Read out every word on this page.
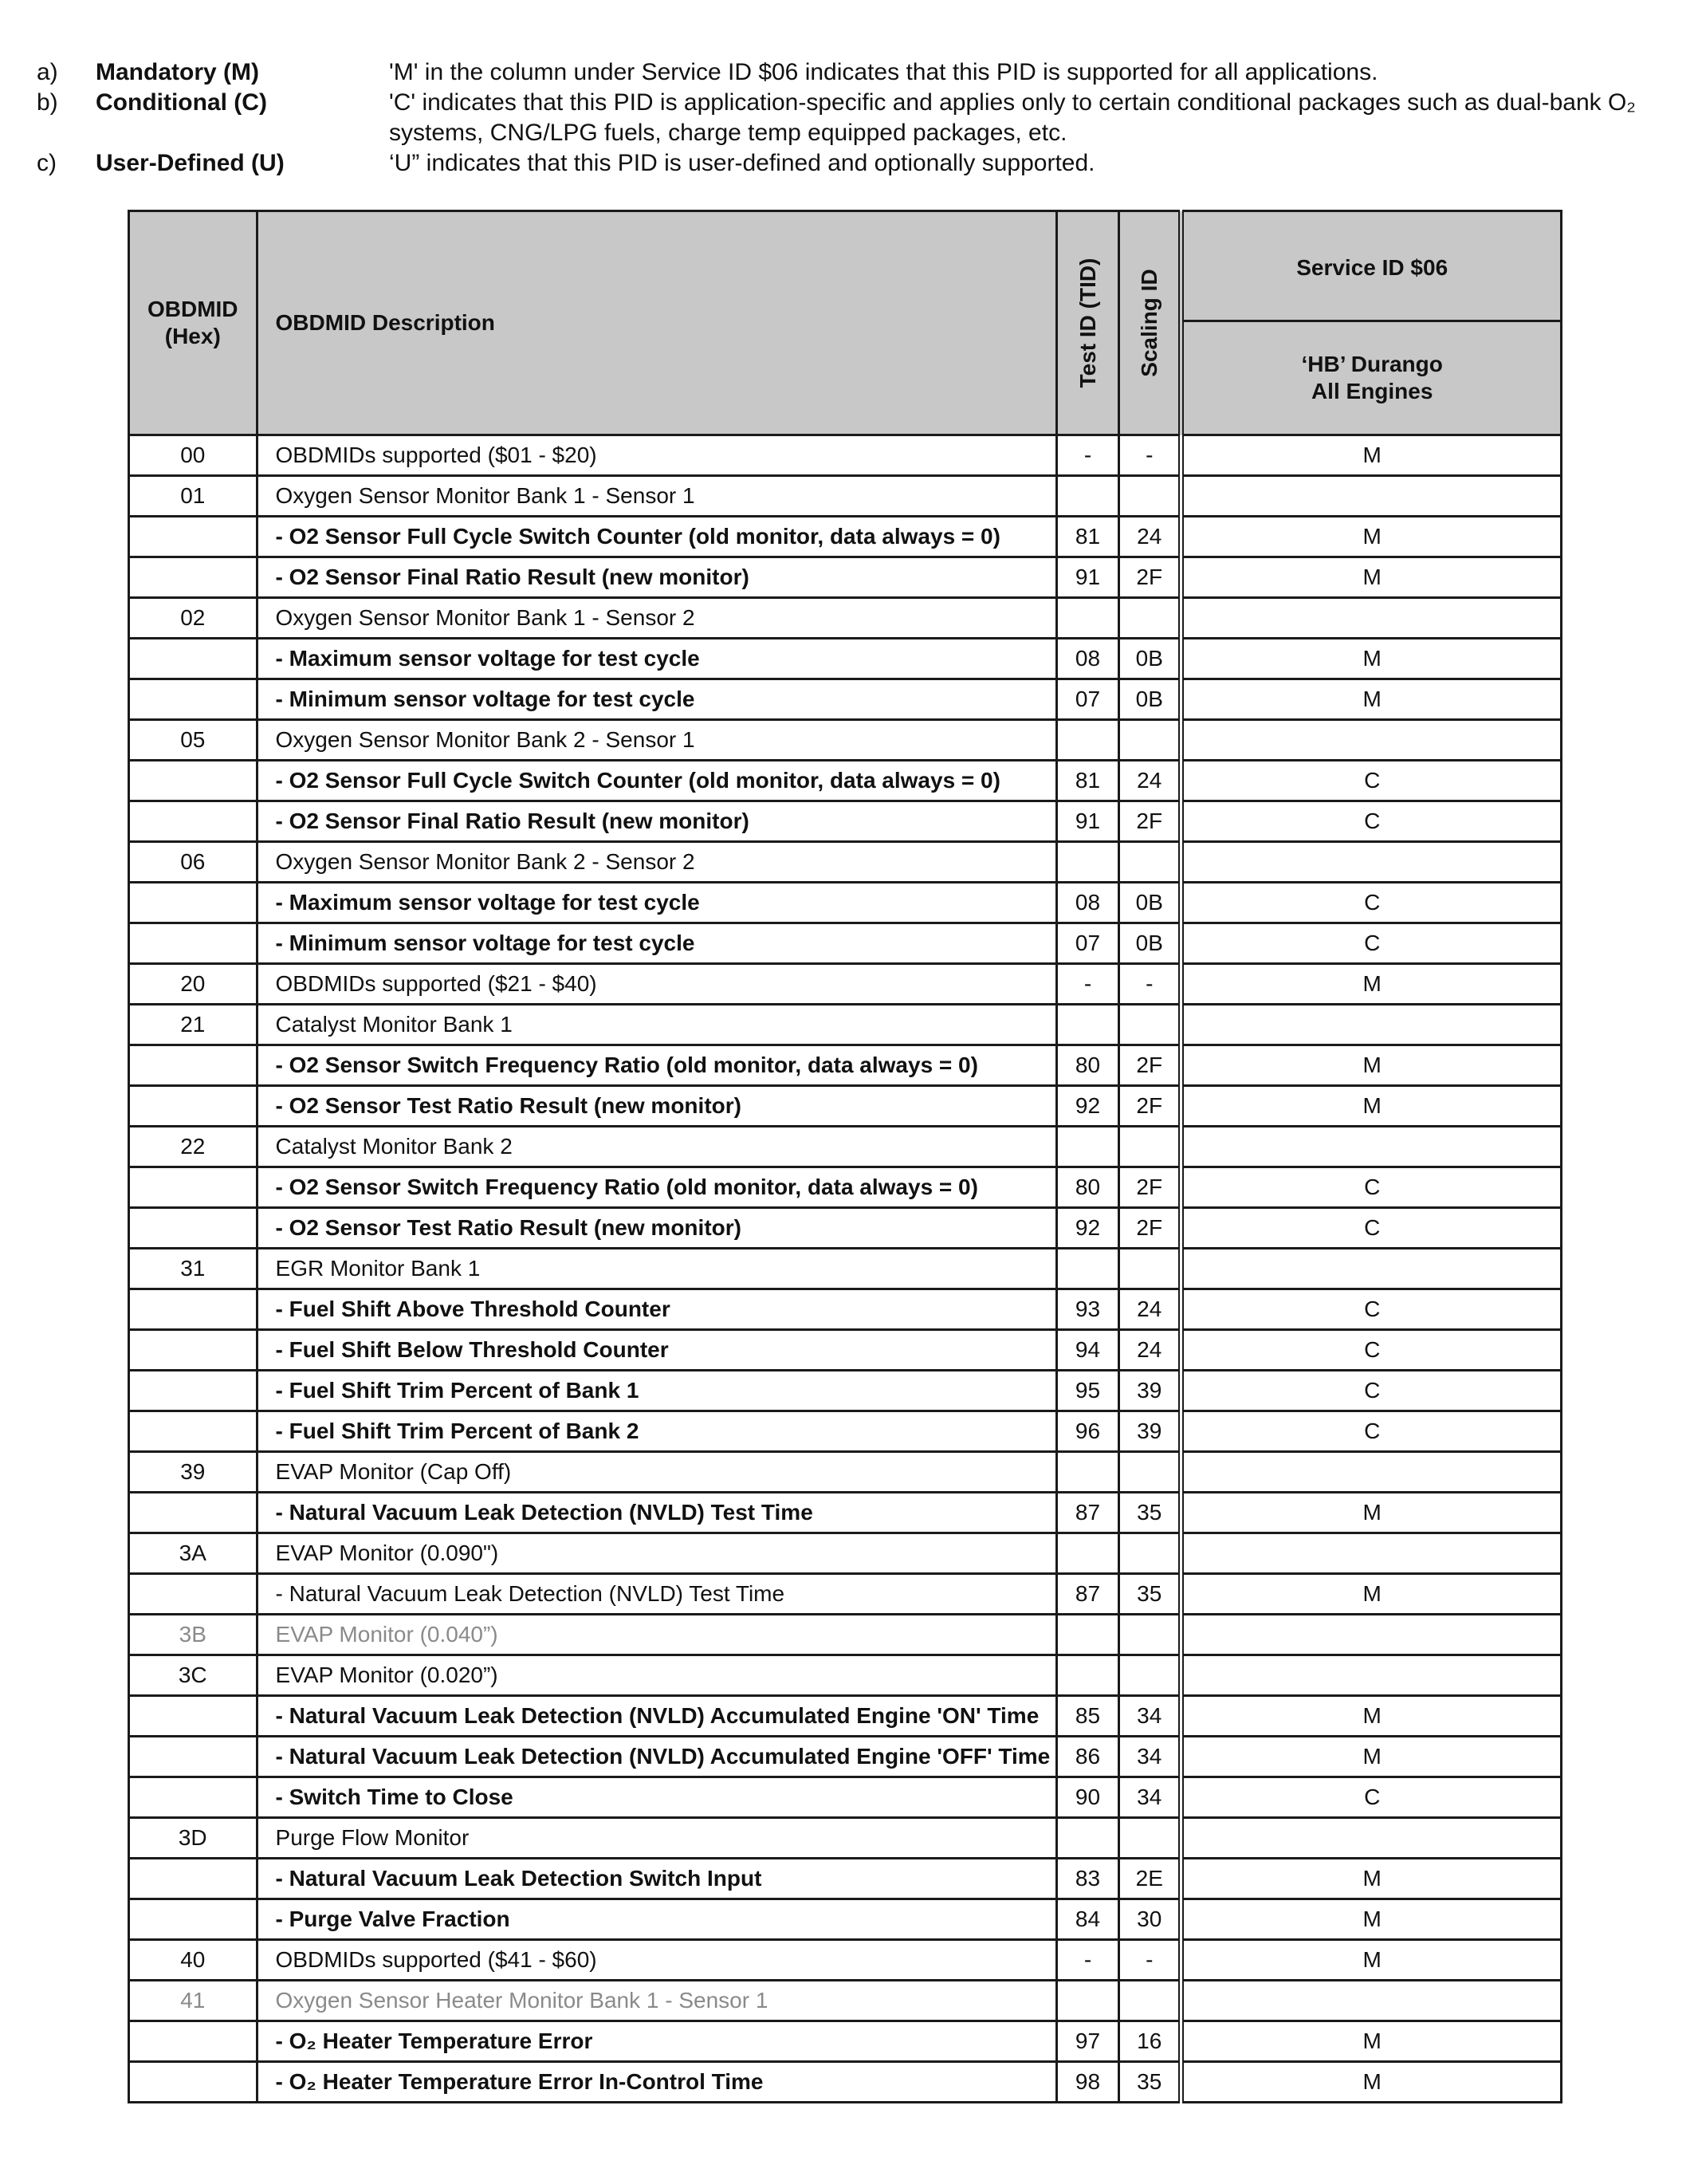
a) Mandatory (M)	'M' in the column under Service ID $06 indicates that this PID is supported for all applications.
b) Conditional (C)	'C' indicates that this PID is application-specific and applies only to certain conditional packages such as dual-bank O₂ systems, CNG/LPG fuels, charge temp equipped packages, etc.
c) User-Defined (U)	‘U” indicates that this PID is user-defined and optionally supported.
OBDMID
(Hex)	OBDMID Description	Test ID (TID)	Scaling ID	Service ID $06
				‘HB’ Durango
All Engines
00	OBDMIDs supported ($01 - $20)	-	-	M
01	Oxygen Sensor Monitor Bank 1 - Sensor 1			
	- O2 Sensor Full Cycle Switch Counter (old monitor, data always = 0)	81	24	M
	- O2 Sensor Final Ratio Result (new monitor)	91	2F	M
02	Oxygen Sensor Monitor Bank 1 - Sensor 2			
	- Maximum sensor voltage for test cycle	08	0B	M
	- Minimum sensor voltage for test cycle	07	0B	M
05	Oxygen Sensor Monitor Bank 2 - Sensor 1			
	- O2 Sensor Full Cycle Switch Counter (old monitor, data always = 0)	81	24	C
	- O2 Sensor Final Ratio Result (new monitor)	91	2F	C
06	Oxygen Sensor Monitor Bank 2 - Sensor 2			
	- Maximum sensor voltage for test cycle	08	0B	C
	- Minimum sensor voltage for test cycle	07	0B	C
20	OBDMIDs supported ($21 - $40)	-	-	M
21	Catalyst Monitor Bank 1			
	- O2 Sensor Switch Frequency Ratio (old monitor, data always = 0)	80	2F	M
	- O2 Sensor Test Ratio Result (new monitor)	92	2F	M
22	Catalyst Monitor Bank 2			
	- O2 Sensor Switch Frequency Ratio (old monitor, data always = 0)	80	2F	C
	- O2 Sensor Test Ratio Result (new monitor)	92	2F	C
31	EGR Monitor Bank 1			
	- Fuel Shift Above Threshold Counter	93	24	C
	- Fuel Shift Below Threshold Counter	94	24	C
	- Fuel Shift Trim Percent of Bank 1	95	39	C
	- Fuel Shift Trim Percent of Bank 2	96	39	C
39	EVAP Monitor (Cap Off)			
	- Natural Vacuum Leak Detection (NVLD) Test Time	87	35	M
3A	EVAP Monitor (0.090")			
	- Natural Vacuum Leak Detection (NVLD) Test Time	87	35	M
3B	EVAP Monitor (0.040”)			
3C	EVAP Monitor (0.020”)			
	- Natural Vacuum Leak Detection (NVLD) Accumulated Engine 'ON' Time	85	34	M
	- Natural Vacuum Leak Detection (NVLD) Accumulated Engine 'OFF' Time	86	34	M
	- Switch Time to Close	90	34	C
3D	Purge Flow Monitor			
	- Natural Vacuum Leak Detection Switch Input	83	2E	M
	- Purge Valve Fraction	84	30	M
40	OBDMIDs supported ($41 - $60)	-	-	M
41	Oxygen Sensor Heater Monitor Bank 1 - Sensor 1			
	- O₂ Heater Temperature Error	97	16	M
	- O₂ Heater Temperature Error In-Control Time	98	35	M
